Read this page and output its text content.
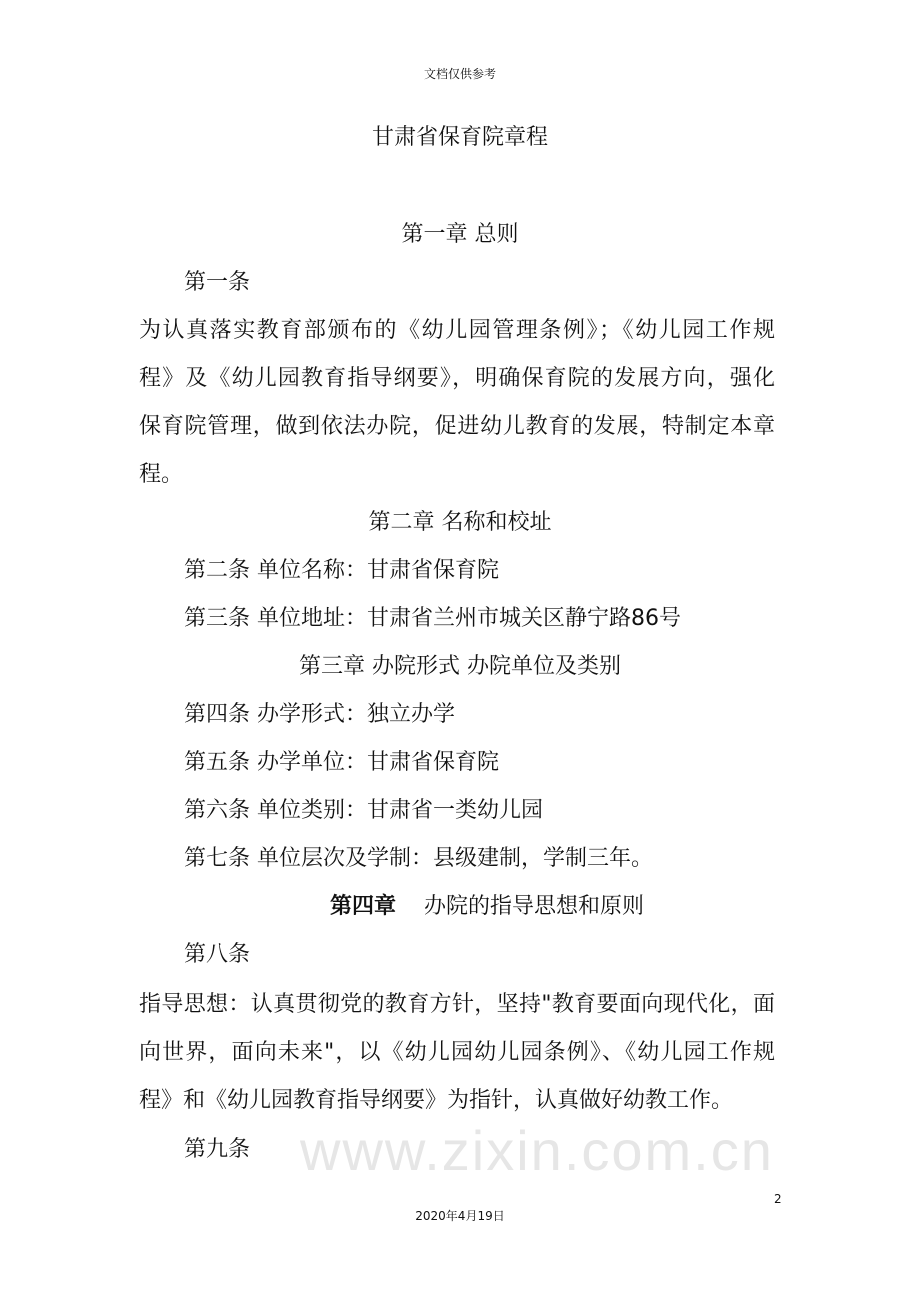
www.zixin.com.cn
文档仅供参考
甘肃省保育院章程
第一章 总则
第一条
为认真落实教育部颁布的《幼儿园管理条例》；《幼儿园工作规
程》及《幼儿园教育指导纲要》，明确保育院的发展方向，强化
保育院管理，做到依法办院，促进幼儿教育的发展，特制定本章
程。
第二章 名称和校址
第二条 单位名称：甘肃省保育院
第三条 单位地址：甘肃省兰州市城关区静宁路86号
第三章 办院形式 办院单位及类别
第四条 办学形式：独立办学
第五条 办学单位：甘肃省保育院
第六条 单位类别：甘肃省一类幼儿园
第七条 单位层次及学制：县级建制，学制三年。
第四章 办院的指导思想和原则
第八条
指导思想：认真贯彻党的教育方针，坚持"教育要面向现代化，面
向世界，面向未来"，以《幼儿园幼儿园条例》、《幼儿园工作规
程》和《幼儿园教育指导纲要》为指针，认真做好幼教工作。
第九条
2
2020年4月19日
